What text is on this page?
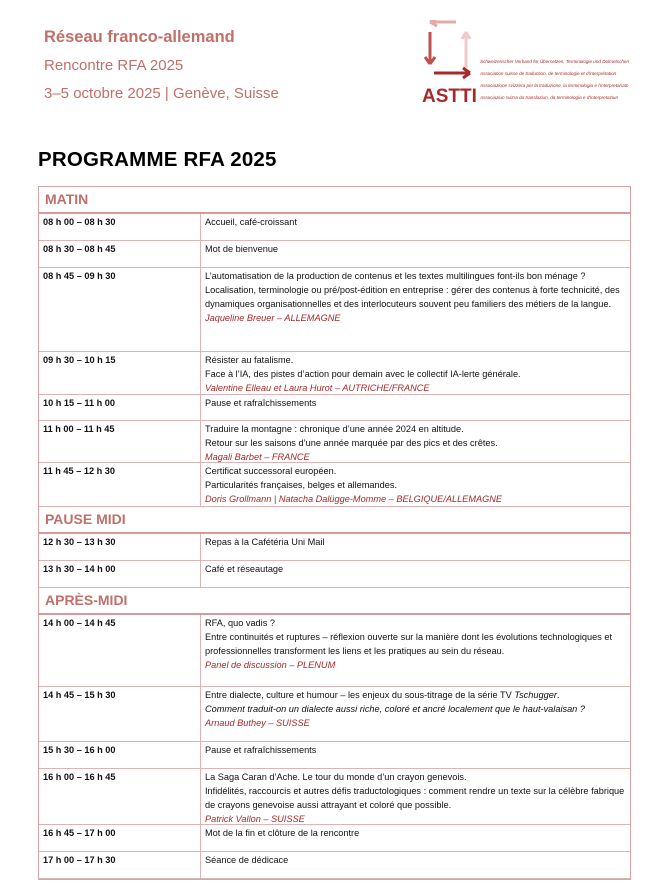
Réseau franco-allemand
Rencontre RFA 2025
3–5 octobre 2025 | Genève, Suisse	ASTTI
Schweizerischer Verband für Übersetzen, Terminologie und Dolmetschen
Association suisse de traduction, de terminologie et d'interprétation
Associazione svizzera per la traduzione, la terminologia e l'interpretariato
Associaziun svizra da translaziun, da terminologia e d'interpretaziun
PROGRAMME RFA 2025
MATIN
08 h 00 – 08 h 30	Accueil, café-croissant
08 h 30 – 08 h 45	Mot de bienvenue
08 h 45 – 09 h 30	L’automatisation de la production de contenus et les textes multilingues font-ils bon ménage ?
Localisation, terminologie ou pré/post-édition en entreprise : gérer des contenus à forte technicité, des dynamiques organisationnelles et des interlocuteurs souvent peu familiers des métiers de la langue.
Jaqueline Breuer – ALLEMAGNE
09 h 30 – 10 h 15	Résister au fatalisme.
Face à l’IA, des pistes d’action pour demain avec le collectif IA-lerte générale.
Valentine Elleau et Laura Hurot – AUTRICHE/FRANCE
10 h 15 – 11 h 00	Pause et rafraîchissements
11 h 00 – 11 h 45	Traduire la montagne : chronique d’une année 2024 en altitude.
Retour sur les saisons d’une année marquée par des pics et des crêtes.
Magali Barbet – FRANCE
11 h 45 – 12 h 30	Certificat successoral européen.
Particularités françaises, belges et allemandes.
Doris Grollmann | Natacha Dalügge-Momme – BELGIQUE/ALLEMAGNE
PAUSE MIDI
12 h 30 – 13 h 30	Repas à la Cafétéria Uni Mail
13 h 30 – 14 h 00	Café et réseautage
APRÈS-MIDI
14 h 00 – 14 h 45	RFA, quo vadis ?
Entre continuités et ruptures – réflexion ouverte sur la manière dont les évolutions technologiques et professionnelles transforment les liens et les pratiques au sein du réseau.
Panel de discussion – PLENUM
14 h 45 – 15 h 30	Entre dialecte, culture et humour – les enjeux du sous-titrage de la série TV Tschugger.
Comment traduit-on un dialecte aussi riche, coloré et ancré localement que le haut-valaisan ?
Arnaud Buthey – SUISSE
15 h 30 – 16 h 00	Pause et rafraîchissements
16 h 00 – 16 h 45	La Saga Caran d’Ache. Le tour du monde d’un crayon genevois.
Infidélités, raccourcis et autres défis traductologiques : comment rendre un texte sur la célèbre fabrique de crayons genevoise aussi attrayant et coloré que possible.
Patrick Vallon – SUISSE
16 h 45 – 17 h 00	Mot de la fin et clôture de la rencontre
17 h 00 – 17 h 30	Séance de dédicace
